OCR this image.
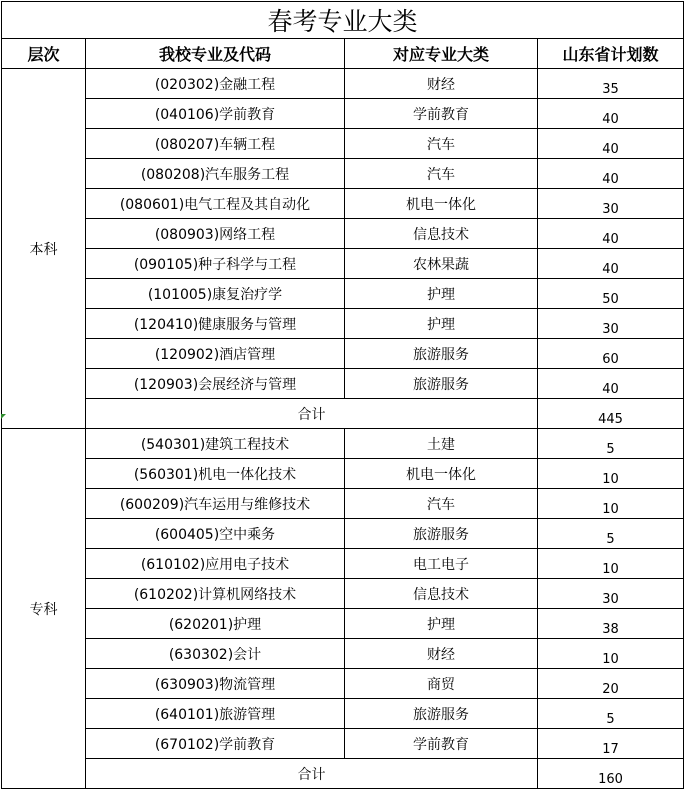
春考专业大类			
层次	我校专业及代码	对应专业大类	山东省计划数
本科	(020302)金融工程	财经	35
	(040106)学前教育	学前教育	40
	(080207)车辆工程	汽车	40
	(080208)汽车服务工程	汽车	40
	(080601)电气工程及其自动化	机电一体化	30
	(080903)网络工程	信息技术	40
	(090105)种子科学与工程	农林果蔬	40
	(101005)康复治疗学	护理	50
	(120410)健康服务与管理	护理	30
	(120902)酒店管理	旅游服务	60
	(120903)会展经济与管理	旅游服务	40
	合计		445
专科	(540301)建筑工程技术	土建	5
	(560301)机电一体化技术	机电一体化	10
	(600209)汽车运用与维修技术	汽车	10
	(600405)空中乘务	旅游服务	5
	(610102)应用电子技术	电工电子	10
	(610202)计算机网络技术	信息技术	30
	(620201)护理	护理	38
	(630302)会计	财经	10
	(630903)物流管理	商贸	20
	(640101)旅游管理	旅游服务	5
	(670102)学前教育	学前教育	17
	合计		160
